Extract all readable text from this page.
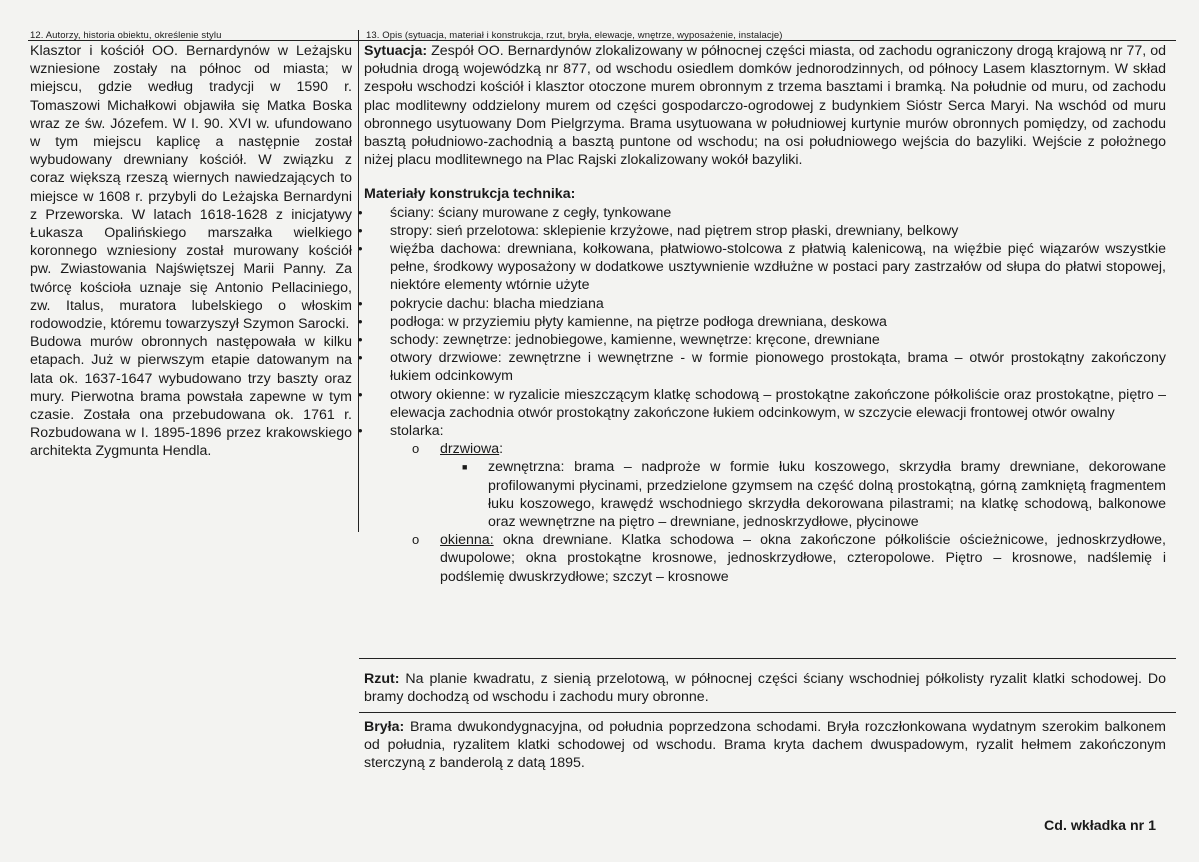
12. Autorzy, historia obiektu, określenie stylu	13. Opis (sytuacja, materiał i konstrukcja, rzut, bryła, elewacje, wnętrze, wyposażenie, instalacje)

Klasztor i kościół OO. Bernardynów w Leżajsku wzniesione zostały na północ od miasta; w miejscu, gdzie według tradycji w 1590 r. Tomaszowi Michałkowi objawiła się Matka Boska wraz ze św. Józefem. W I. 90. XVI w. ufundowano w tym miejscu kaplicę a następnie został wybudowany drewniany kościół. W związku z coraz większą rzeszą wiernych nawiedzających to miejsce w 1608 r. przybyli do Leżajska Bernardyni z Przeworska. W latach 1618-1628 z inicjatywy Łukasza Opalińskiego marszałka wielkiego koronnego wzniesiony został murowany kościół pw. Zwiastowania Najświętszej Marii Panny. Za twórcę kościoła uznaje się Antonio Pellaciniego, zw. Italus, muratora lubelskiego o włoskim rodowodzie, któremu towarzyszył Szymon Sarocki.

Budowa murów obronnych następowała w kilku etapach. Już w pierwszym etapie datowanym na lata ok. 1637-1647 wybudowano trzy baszty oraz mury. Pierwotna brama powstała zapewne w tym czasie. Została ona przebudowana ok. 1761 r. Rozbudowana w I. 1895-1896 przez krakowskiego architekta Zygmunta Hendla.

Sytuacja: Zespół OO. Bernardynów zlokalizowany w północnej części miasta, od zachodu ograniczony drogą krajową nr 77, od południa drogą wojewódzką nr 877, od wschodu osiedlem domków jednorodzinnych, od północy Lasem klasztornym. W skład zespołu wschodzi kościół i klasztor otoczone murem obronnym z trzema basztami i bramką. Na południe od muru, od zachodu plac modlitewny oddzielony murem od części gospodarczo-ogrodowej z budynkiem Sióstr Serca Maryi. Na wschód od muru obronnego usytuowany Dom Pielgrzyma. Brama usytuowana w południowej kurtynie murów obronnych pomiędzy, od zachodu basztą południowo-zachodnią a basztą puntone od wschodu; na osi południowego wejścia do bazyliki. Wejście z położnego niżej placu modlitewnego na Plac Rajski zlokalizowany wokół bazyliki.

Materiały konstrukcja technika:

• ściany: ściany murowane z cegły, tynkowane
• stropy: sień przelotowa: sklepienie krzyżowe, nad piętrem strop płaski, drewniany, belkowy
• więźba dachowa: drewniana, kołkowana, płatwiowo-stolcowa z płatwią kalenicową, na więźbie pięć wiązarów wszystkie pełne, środkowy wyposażony w dodatkowe usztywnienie wzdłużne w postaci pary zastrzałów od słupa do płatwi stopowej, niektóre elementy wtórnie użyte
• pokrycie dachu: blacha miedziana
• podłoga: w przyziemiu płyty kamienne, na piętrze podłoga drewniana, deskowa
• schody: zewnętrze: jednobiegowe, kamienne, wewnętrze: kręcone, drewniane
• otwory drzwiowe: zewnętrzne i wewnętrzne - w formie pionowego prostokąta, brama – otwór prostokątny zakończony łukiem odcinkowym
• otwory okienne: w ryzalicie mieszczącym klatkę schodową – prostokątne zakończone półkoliście oraz prostokątne, piętro – elewacja zachodnia otwór prostokątny zakończone łukiem odcinkowym, w szczycie elewacji frontowej otwór owalny
• stolarka:
o drzwiowa:
■ zewnętrzna: brama – nadproże w formie łuku koszowego, skrzydła bramy drewniane, dekorowane profilowanymi płycinami, przedzielone gzymsem na część dolną prostokątną, górną zamkniętą fragmentem łuku koszowego, krawędź wschodniego skrzydła dekorowana pilastrami; na klatkę schodową, balkonowe oraz wewnętrzne na piętro – drewniane, jednoskrzydłowe, płycinowe
o okienna: okna drewniane. Klatka schodowa – okna zakończone półkoliście ościeżnicowe, jednoskrzydłowe, dwupolowe; okna prostokątne krosnowe, jednoskrzydłowe, czteropolowe. Piętro – krosnowe, nadślemię i podślemię dwuskrzydłowe; szczyt – krosnowe
Rzut: Na planie kwadratu, z sienią przelotową, w północnej części ściany wschodniej półkolisty ryzalit klatki schodowej. Do bramy dochodzą od wschodu i zachodu mury obronne.
Bryła: Brama dwukondygnacyjna, od południa poprzedzona schodami. Bryła rozczłonkowana wydatnym szerokim balkonem od południa, ryzalitem klatki schodowej od wschodu. Brama kryta dachem dwuspadowym, ryzalit hełmem zakończonym sterczyną z banderolą z datą 1895.
Cd. wkładka nr 1
